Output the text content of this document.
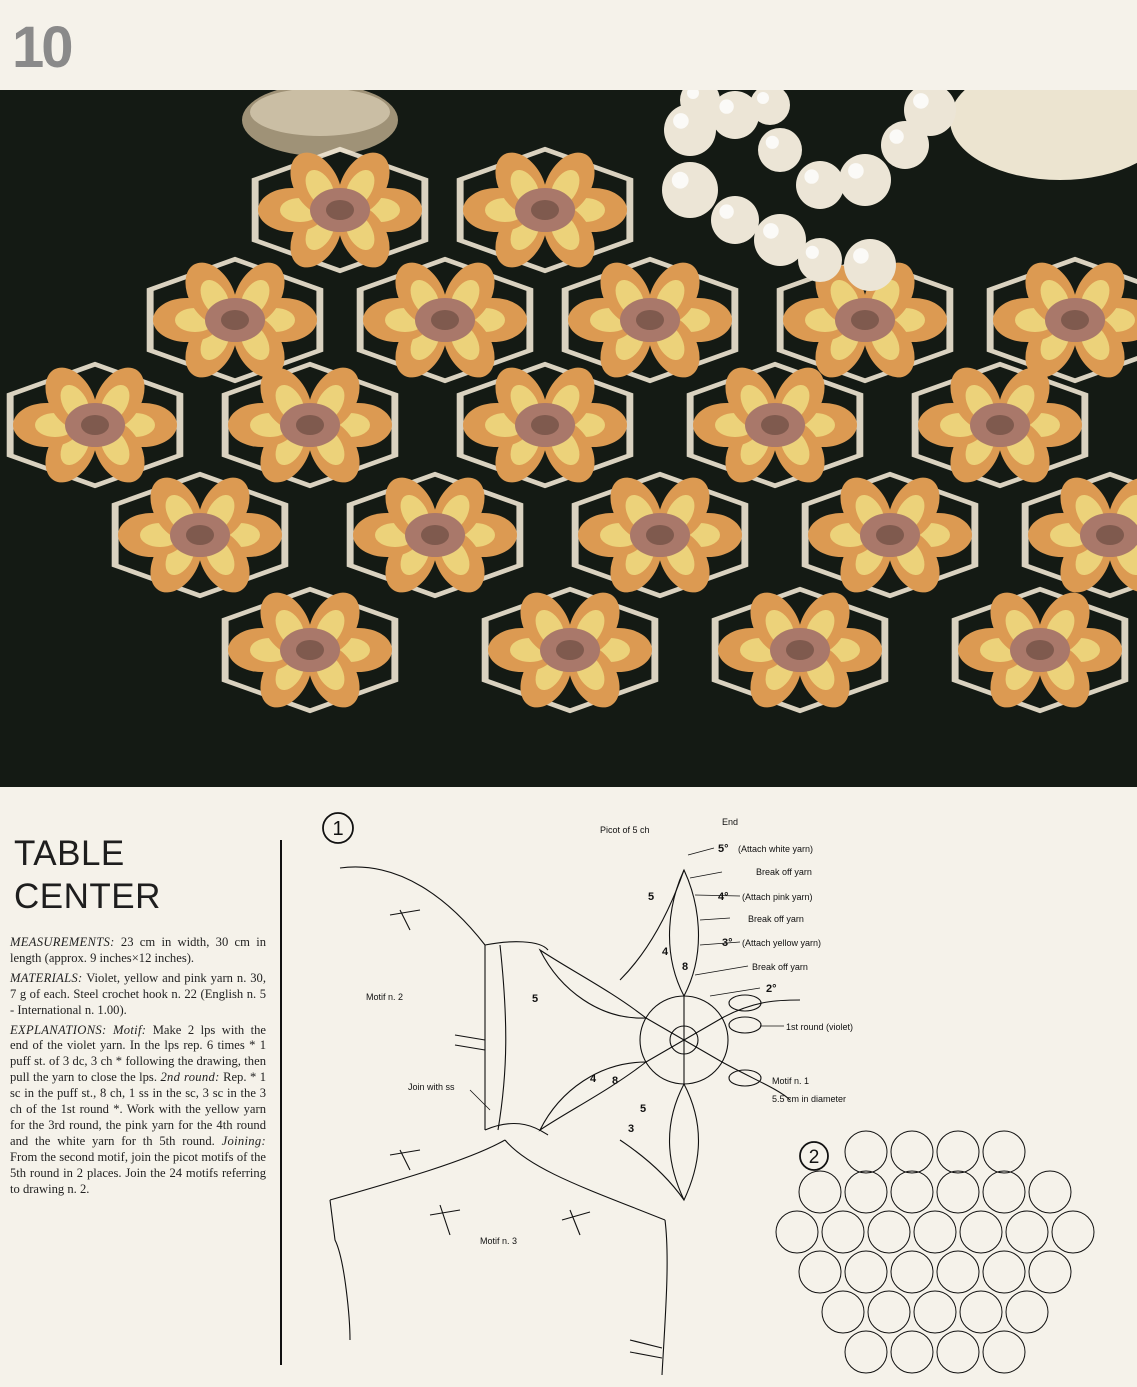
10
TABLE
CENTER

MEASUREMENTS: 23 cm in width, 30 cm in length (approx. 9 inches×12 inches).

MATERIALS: Violet, yellow and pink yarn n. 30, 7 g of each. Steel crochet hook n. 22 (English n. 5 - International n. 1.00).

EXPLANATIONS: Motif: Make 2 lps with the end of the violet yarn. In the lps rep. 6 times * 1 puff st. of 3 dc, 3 ch * following the drawing, then pull the yarn to close the lps. 2nd round: Rep. * 1 sc in the puff st., 8 ch, 1 ss in the sc, 3 sc in the 3 ch of the 1st round *. Work with the yellow yarn for the 3rd round, the pink yarn for the 4th round and the white yarn for th 5th round. Joining: From the second motif, join the picot motifs of the 5th round in 2 places. Join the 24 motifs referring to drawing n. 2.

1
5
4
8
5
4 8
5
3
Picot of 5 ch
End
5° (Attach white yarn)
Break off yarn
4° (Attach pink yarn)
Break off yarn
3° (Attach yellow yarn)
Break off yarn
2°
1st round (violet)
Motif n. 2
Motif n. 1
5.5 cm in diameter
Join with ss
Motif n. 3
2
